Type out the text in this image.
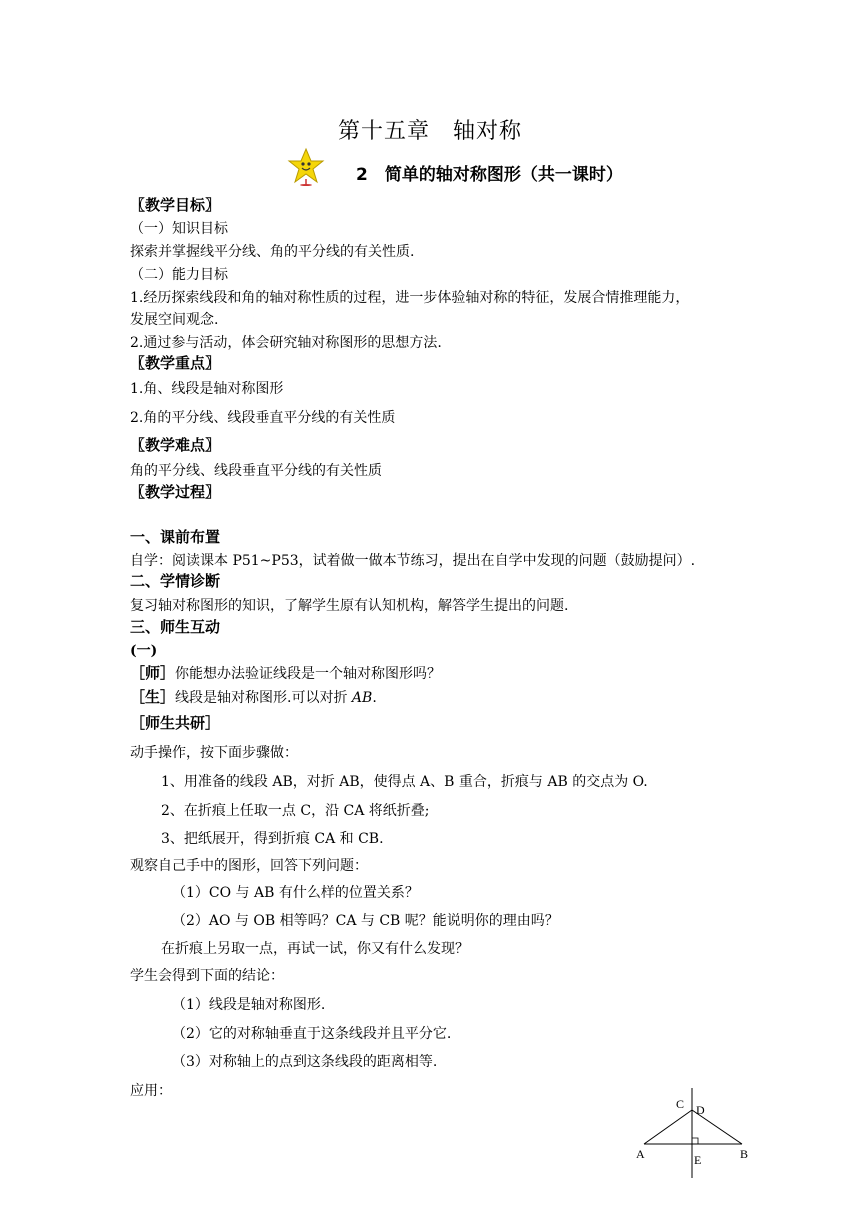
第十五章　轴对称
2　简单的轴对称图形（共一课时）
〖教学目标〗
（一）知识目标
探索并掌握线平分线、角的平分线的有关性质.
（二）能力目标
1.经历探索线段和角的轴对称性质的过程，进一步体验轴对称的特征，发展合情推理能力，
发展空间观念.
2.通过参与活动，体会研究轴对称图形的思想方法.
〖教学重点〗
1.角、线段是轴对称图形
2.角的平分线、线段垂直平分线的有关性质
〖教学难点〗
角的平分线、线段垂直平分线的有关性质
〖教学过程〗
一、课前布置
自学：阅读课本 P51~P53，试着做一做本节练习，提出在自学中发现的问题（鼓励提问）.
二、学情诊断
复习轴对称图形的知识，了解学生原有认知机构，解答学生提出的问题.
三、师生互动
(一)
［师］你能想办法验证线段是一个轴对称图形吗？
［生］线段是轴对称图形.可以对折 AB.
［师生共研］
动手操作，按下面步骤做：
1、用准备的线段 AB，对折 AB，使得点 A、B 重合，折痕与 AB 的交点为 O.
2、在折痕上任取一点 C，沿 CA 将纸折叠;
3、把纸展开，得到折痕 CA 和 CB.
观察自己手中的图形，回答下列问题：
（1）CO 与 AB 有什么样的位置关系？
（2）AO 与 OB 相等吗？CA 与 CB 呢？能说明你的理由吗？
在折痕上另取一点，再试一试，你又有什么发现？
学生会得到下面的结论：
（1）线段是轴对称图形.
（2）它的对称轴垂直于这条线段并且平分它.
（3）对称轴上的点到这条线段的距离相等.
应用：
C D
A	E	B
